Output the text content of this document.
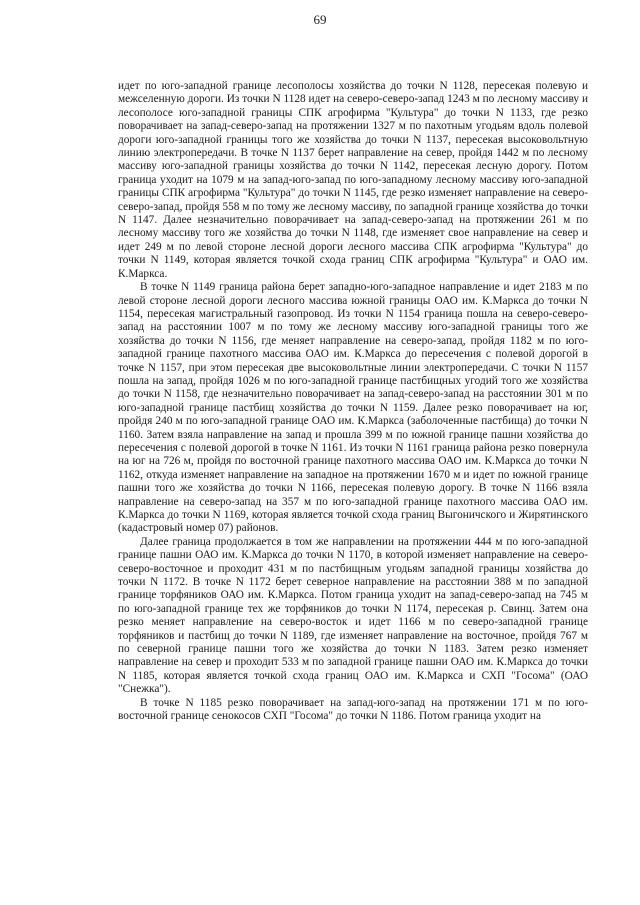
69

идет по юго-западной границе лесополосы хозяйства до точки N 1128, пересекая полевую и межселенную дороги. Из точки N 1128 идет на северо-северо-запад 1243 м по лесному массиву и лесополосе юго-западной границы СПК агрофирма "Культура" до точки N 1133, где резко поворачивает на запад-северо-запад на протяжении 1327 м по пахотным угодьям вдоль полевой дороги юго-западной границы того же хозяйства до точки N 1137, пересекая высоковольтную линию электропередачи. В точке N 1137 берет направление на север, пройдя 1442 м по лесному массиву юго-западной границы хозяйства до точки N 1142, пересекая лесную дорогу. Потом граница уходит на 1079 м на запад-юго-запад по юго-западному лесному массиву юго-западной границы СПК агрофирма "Культура" до точки N 1145, где резко изменяет направление на северо-северо-запад, пройдя 558 м по тому же лесному массиву, по западной границе хозяйства до точки N 1147. Далее незначительно поворачивает на запад-северо-запад на протяжении 261 м по лесному массиву того же хозяйства до точки N 1148, где изменяет свое направление на север и идет 249 м по левой стороне лесной дороги лесного массива СПК агрофирма "Культура" до точки N 1149, которая является точкой схода границ СПК агрофирма "Культура" и ОАО им. К.Маркса.

В точке N 1149 граница района берет западно-юго-западное направление и идет 2183 м по левой стороне лесной дороги лесного массива южной границы ОАО им. К.Маркса до точки N 1154, пересекая магистральный газопровод. Из точки N 1154 граница пошла на северо-северо-запад на расстоянии 1007 м по тому же лесному массиву юго-западной границы того же хозяйства до точки N 1156, где меняет направление на северо-запад, пройдя 1182 м по юго-западной границе пахотного массива ОАО им. К.Маркса до пересечения с полевой дорогой в точке N 1157, при этом пересекая две высоковольтные линии электропередачи. С точки N 1157 пошла на запад, пройдя 1026 м по юго-западной границе пастбищных угодий того же хозяйства до точки N 1158, где незначительно поворачивает на запад-северо-запад на расстоянии 301 м по юго-западной границе пастбищ хозяйства до точки N 1159. Далее резко поворачивает на юг, пройдя 240 м по юго-западной границе ОАО им. К.Маркса (заболоченные пастбища) до точки N 1160. Затем взяла направление на запад и прошла 399 м по южной границе пашни хозяйства до пересечения с полевой дорогой в точке N 1161. Из точки N 1161 граница района резко повернула на юг на 726 м, пройдя по восточной границе пахотного массива ОАО им. К.Маркса до точки N 1162, откуда изменяет направление на западное на протяжении 1670 м и идет по южной границе пашни того же хозяйства до точки N 1166, пересекая полевую дорогу. В точке N 1166 взяла направление на северо-запад на 357 м по юго-западной границе пахотного массива ОАО им. К.Маркса до точки N 1169, которая является точкой схода границ Выгоничского и Жирятинского (кадастровый номер 07) районов.

Далее граница продолжается в том же направлении на протяжении 444 м по юго-западной границе пашни ОАО им. К.Маркса до точки N 1170, в которой изменяет направление на северо-северо-восточное и проходит 431 м по пастбищным угодьям западной границы хозяйства до точки N 1172. В точке N 1172 берет северное направление на расстоянии 388 м по западной границе торфяников ОАО им. К.Маркса. Потом граница уходит на запад-северо-запад на 745 м по юго-западной границе тех же торфяников до точки N 1174, пересекая р. Свинц. Затем она резко меняет направление на северо-восток и идет 1166 м по северо-западной границе торфяников и пастбищ до точки N 1189, где изменяет направление на восточное, пройдя 767 м по северной границе пашни того же хозяйства до точки N 1183. Затем резко изменяет направление на север и проходит 533 м по западной границе пашни ОАО им. К.Маркса до точки N 1185, которая является точкой схода границ ОАО им. К.Маркса и СХП "Госома" (ОАО "Снежка").

В точке N 1185 резко поворачивает на запад-юго-запад на протяжении 171 м по юго-восточной границе сенокосов СХП "Госома" до точки N 1186. Потом граница уходит на
